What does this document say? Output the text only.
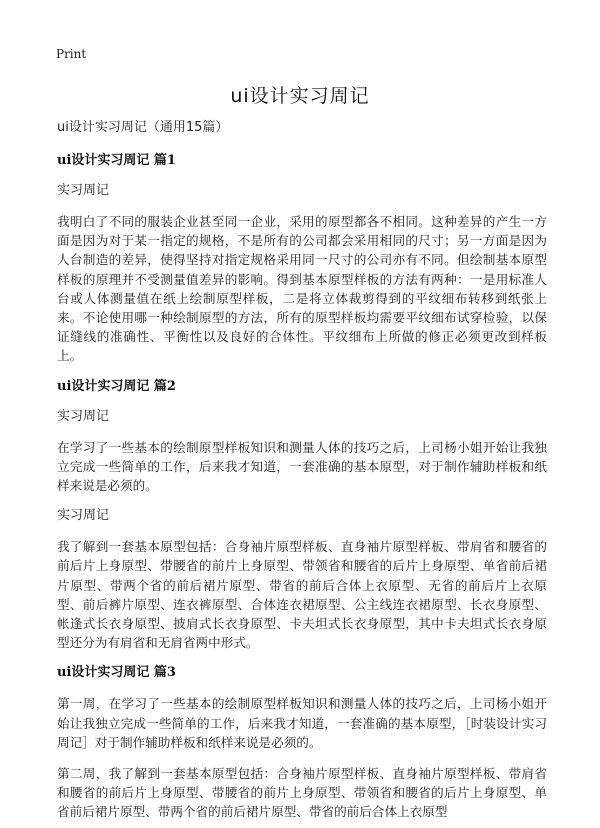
Print
ui设计实习周记

ui设计实习周记（通用15篇）

ui设计实习周记 篇1

实习周记

我明白了不同的服装企业甚至同一企业，采用的原型都各不相同。这种差异的产生一方面是因为对于某一指定的规格，不是所有的公司都会采用相同的尺寸；另一方面是因为人台制造的差异，使得坚持对指定规格采用同一尺寸的公司亦有不同。但绘制基本原型样板的原理并不受测量值差异的影响。得到基本原型样板的方法有两种：一是用标准人台或人体测量值在纸上绘制原型样板，二是将立体裁剪得到的平纹细布转移到纸张上来。不论使用哪一种绘制原型的方法，所有的原型样板均需要平纹细布试穿检验，以保证缝线的准确性、平衡性以及良好的合体性。平纹细布上所做的修正必须更改到样板上。

ui设计实习周记 篇2

实习周记

在学习了一些基本的绘制原型样板知识和测量人体的技巧之后，上司杨小姐开始让我独立完成一些简单的工作，后来我才知道，一套准确的基本原型，对于制作辅助样板和纸样来说是必须的。

实习周记

我了解到一套基本原型包括：合身袖片原型样板、直身袖片原型样板、带肩省和腰省的前后片上身原型、带腰省的前片上身原型、带领省和腰省的后片上身原型、单省前后裙片原型、带两个省的前后裙片原型、带省的前后合体上衣原型、无省的前后片上衣原型、前后裤片原型、连衣裤原型、合体连衣裙原型、公主线连衣裙原型、长衣身原型、帐逢式长衣身原型、披肩式长衣身原型、卡夫坦式长衣身原型，其中卡夫坦式长衣身原型还分为有肩省和无肩省两中形式。

ui设计实习周记 篇3

第一周，在学习了一些基本的绘制原型样板知识和测量人体的技巧之后，上司杨小姐开始让我独立完成一些简单的工作，后来我才知道，一套准确的基本原型，［时装设计实习周记］对于制作辅助样板和纸样来说是必须的。

第二周，我了解到一套基本原型包括：合身袖片原型样板、直身袖片原型样板、带肩省和腰省的前后片上身原型、带腰省的前片上身原型、带领省和腰省的后片上身原型、单省前后裙片原型、带两个省的前后裙片原型、带省的前后合体上衣原型
